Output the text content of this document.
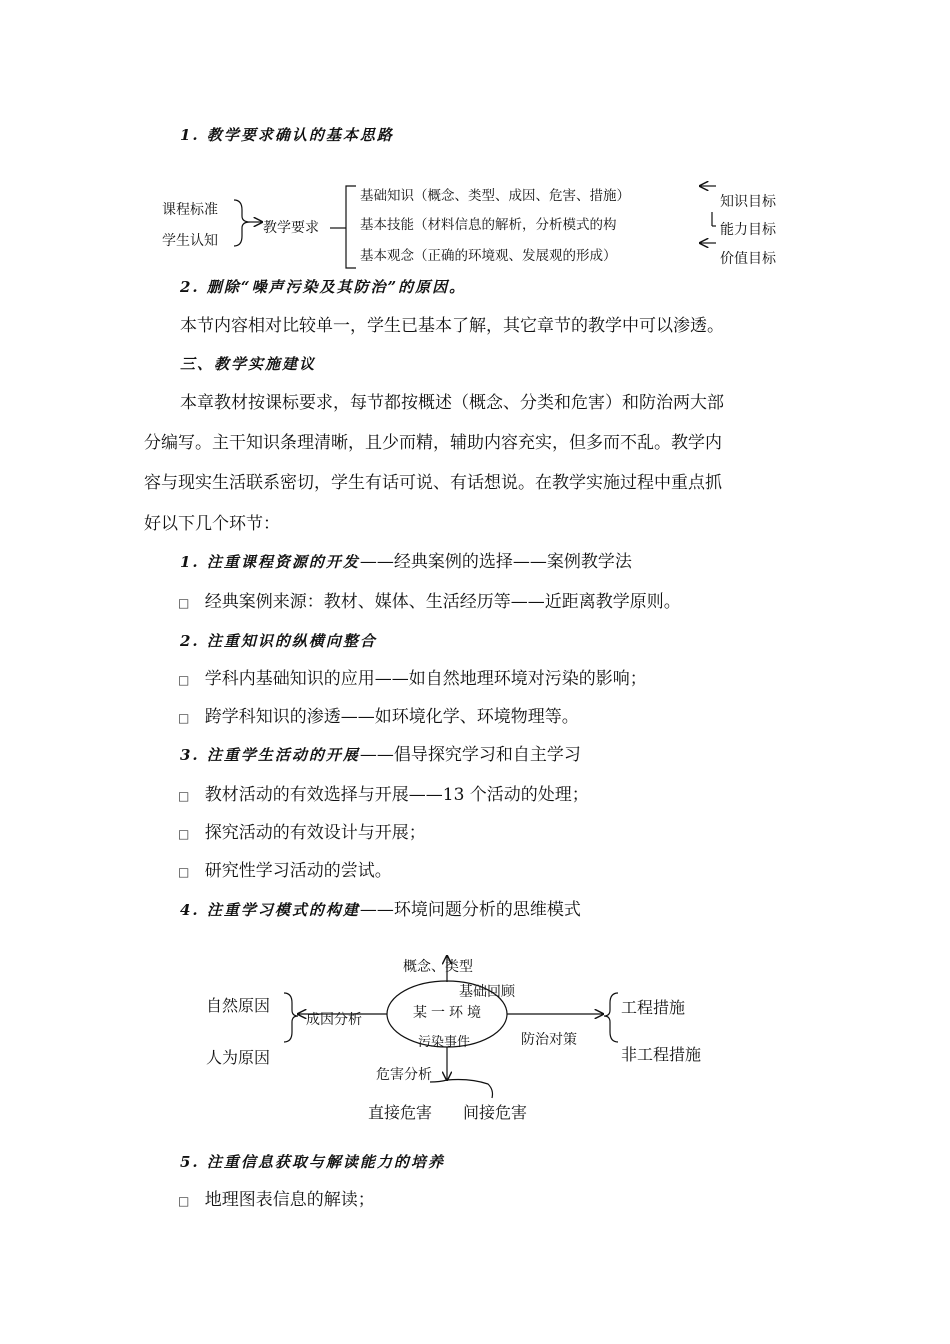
1. 教学要求确认的基本思路
课程标准
学生认知
教学要求
基础知识（概念、类型、成因、危害、措施）
基本技能（材料信息的解析，分析模式的构
基本观念（正确的环境观、发展观的形成）
知识目标
能力目标
价值目标
2. 删除“噪声污染及其防治”的原因。
本节内容相对比较单一，学生已基本了解，其它章节的教学中可以渗透。
三、教学实施建议
本章教材按课标要求，每节都按概述（概念、分类和危害）和防治两大部
分编写。主干知识条理清晰，且少而精，辅助内容充实，但多而不乱。教学内
容与现实生活联系密切，学生有话可说、有话想说。在教学实施过程中重点抓
好以下几个环节：
1. 注重课程资源的开发——经典案例的选择——案例教学法
□ 经典案例来源：教材、媒体、生活经历等——近距离教学原则。
2. 注重知识的纵横向整合
□ 学科内基础知识的应用——如自然地理环境对污染的影响；
□ 跨学科知识的渗透——如环境化学、环境物理等。
3. 注重学生活动的开展——倡导探究学习和自主学习
□ 教材活动的有效选择与开展——13 个活动的处理；
□ 探究活动的有效设计与开展；
□ 研究性学习活动的尝试。
4. 注重学习模式的构建——环境问题分析的思维模式
概念、类型
基础回顾
某一环境
污染事件
成因分析
自然原因
人为原因
防治对策
工程措施
非工程措施
危害分析
直接危害 间接危害
5. 注重信息获取与解读能力的培养
□ 地理图表信息的解读；
